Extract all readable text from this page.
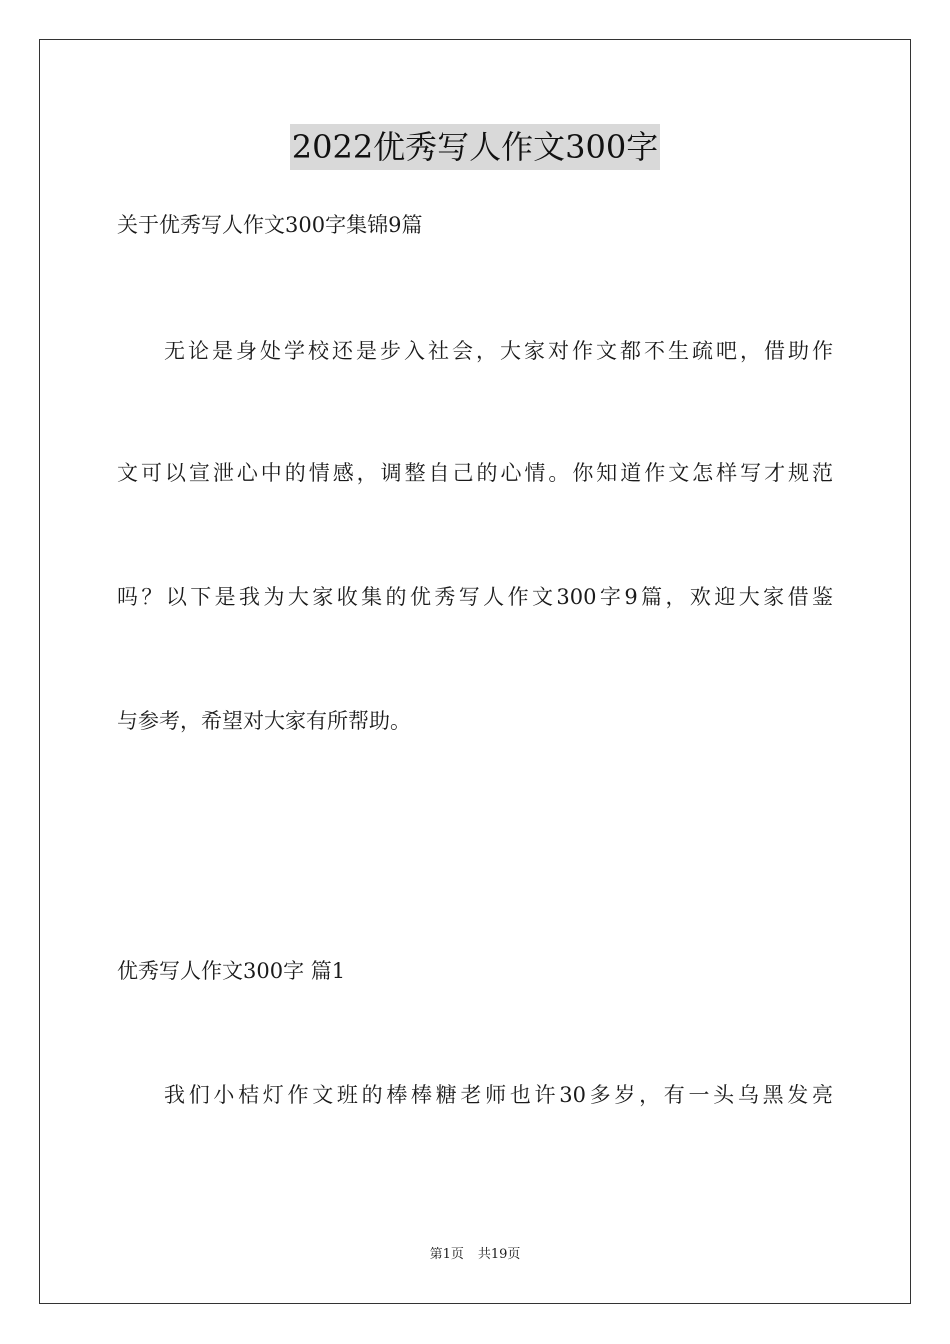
2022优秀写人作文300字
关于优秀写人作文300字集锦9篇
无论是身处学校还是步入社会，大家对作文都不生疏吧，借助作
文可以宣泄心中的情感，调整自己的心情。你知道作文怎样写才规范
吗？以下是我为大家收集的优秀写人作文300字9篇，欢迎大家借鉴
与参考，希望对大家有所帮助。
优秀写人作文300字 篇1
我们小桔灯作文班的棒棒糖老师也许30多岁，有一头乌黑发亮
第1页 共19页
